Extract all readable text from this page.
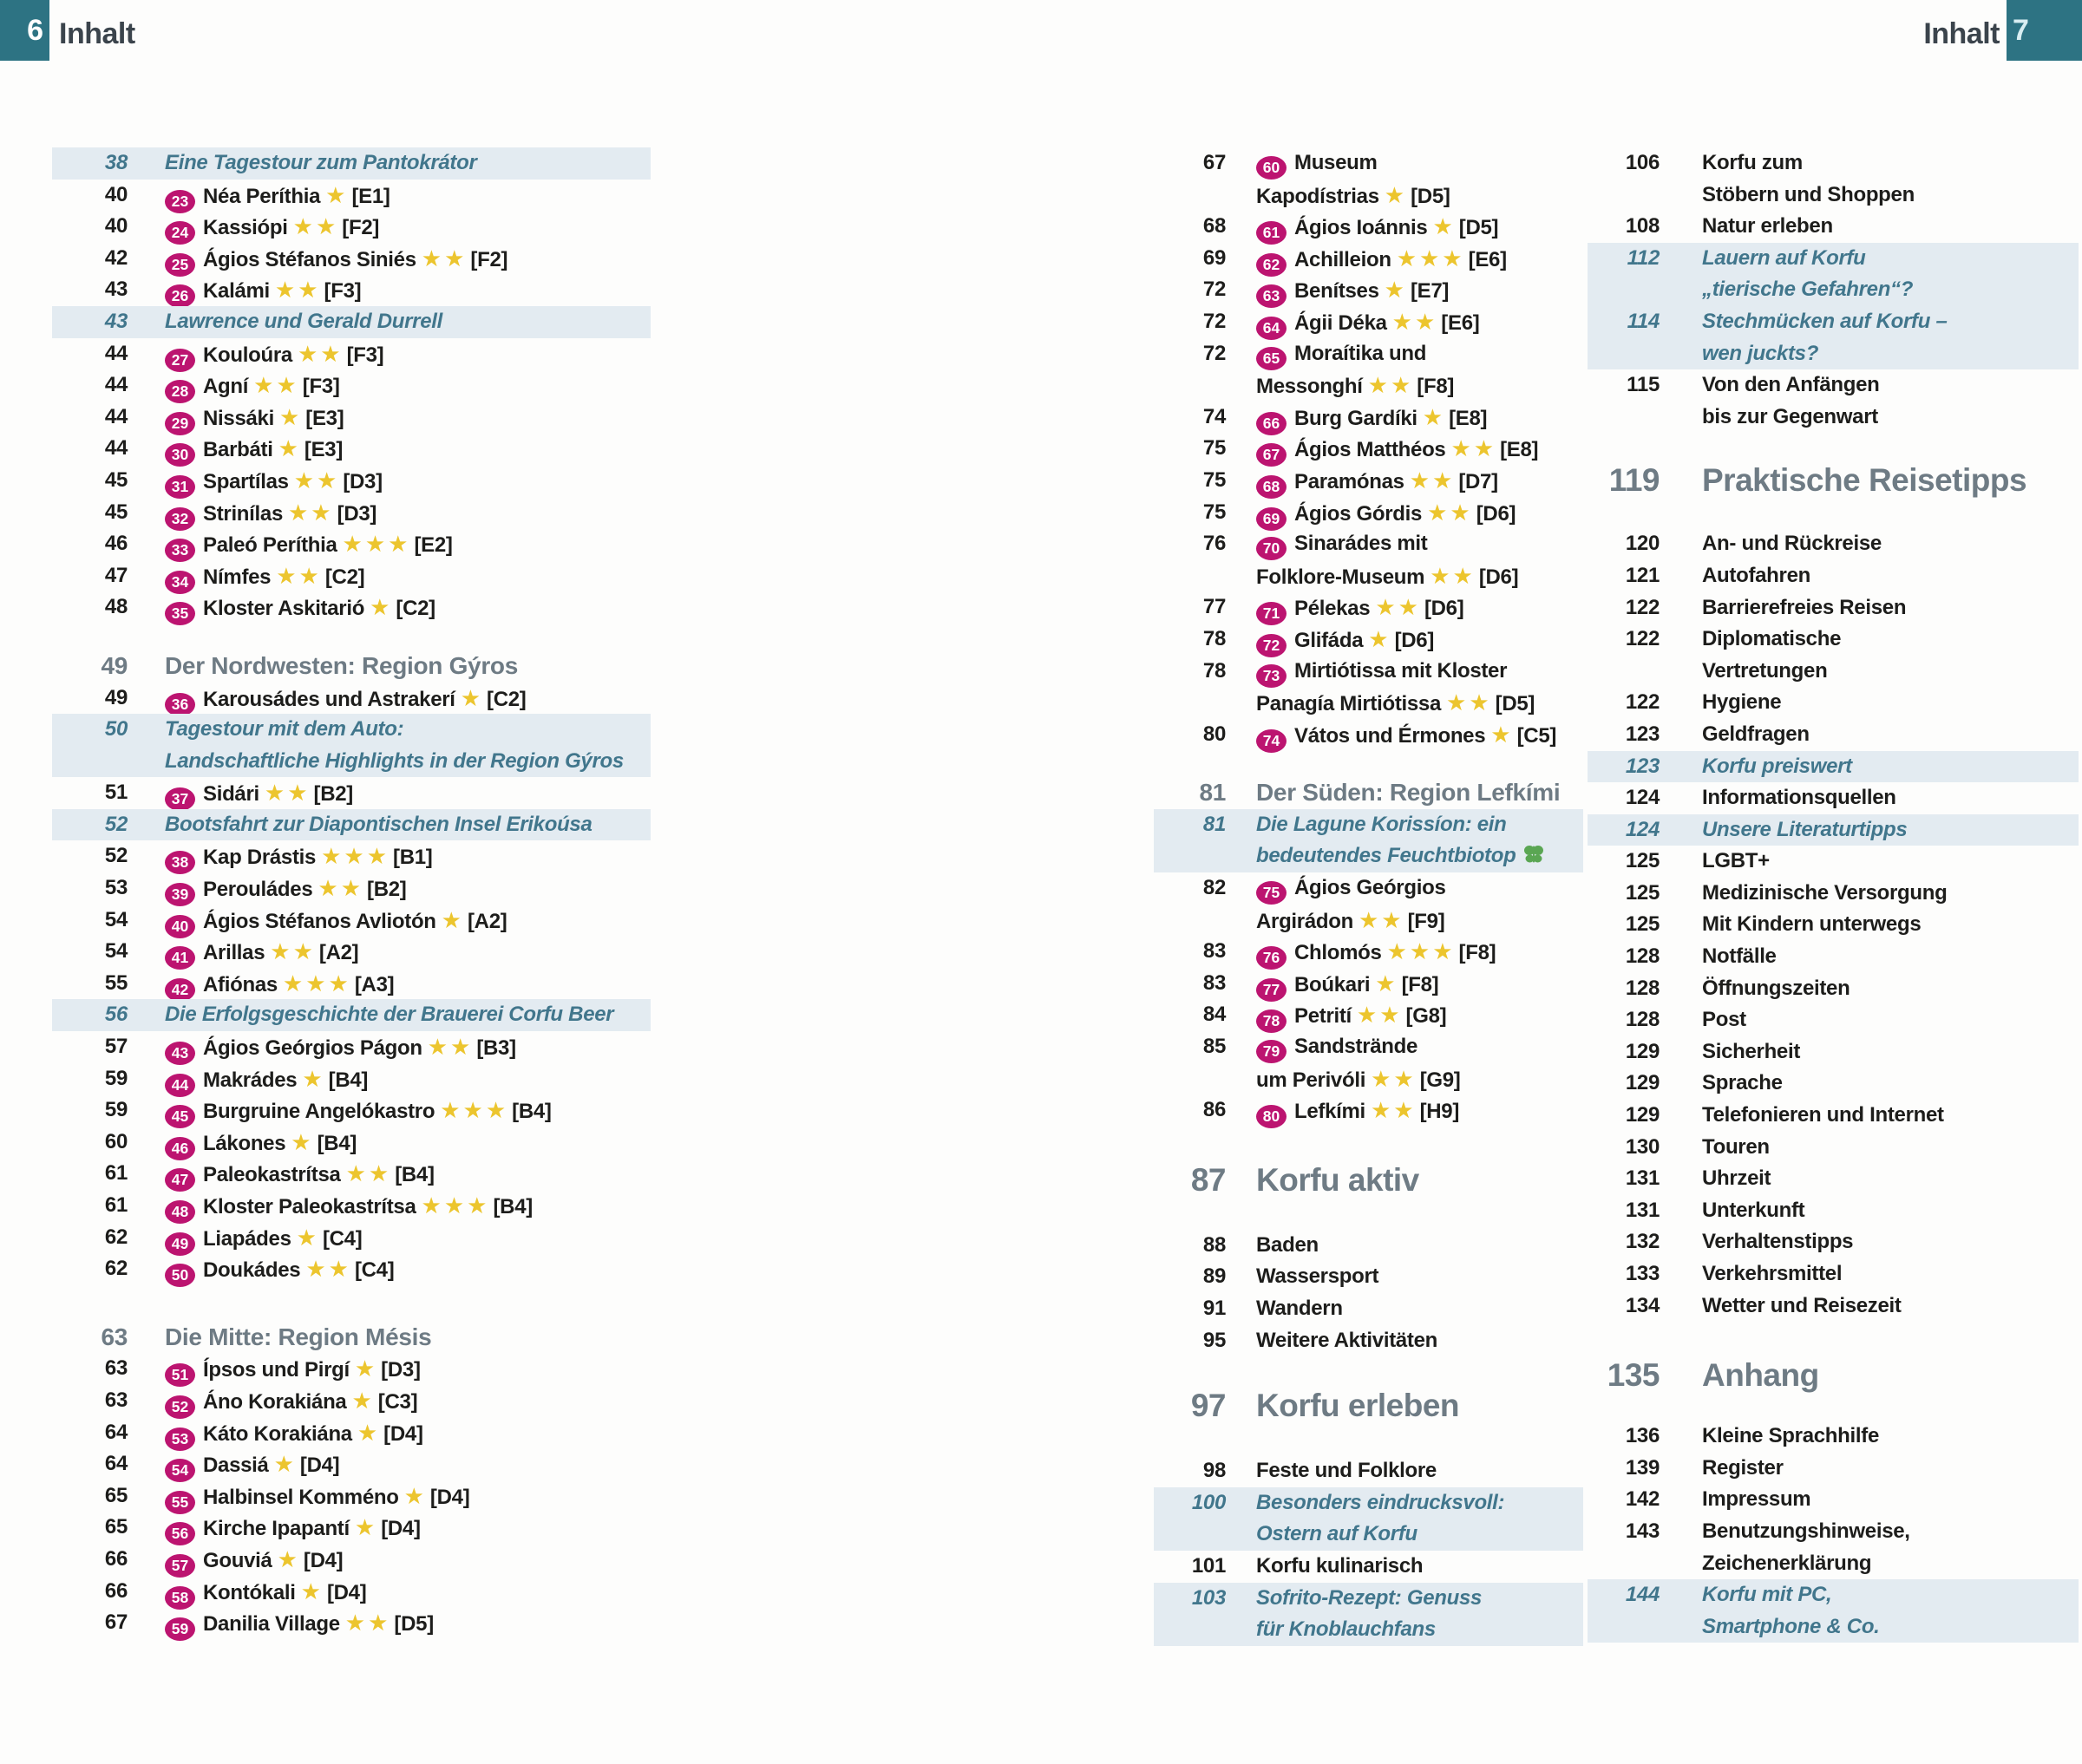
6 Inhalt	Inhalt 7
38 Eine Tagestour zum Pantokrátor
40	23 Néa Períthia ★ [E1]
40	24 Kassiópi ★★ [F2]
42	25 Ágios Stéfanos Siniés ★★ [F2]
43	26 Kalámi ★★ [F3]
43 Lawrence und Gerald Durrell
44	27 Kouloúra ★★ [F3]
44	28 Agní ★★ [F3]
44	29 Nissáki ★ [E3]
44	30 Barbáti ★ [E3]
45	31 Spartílas ★★ [D3]
45	32 Strinílas ★★ [D3]
46	33 Paleó Períthia ★★★ [E2]
47	34 Nímfes ★★ [C2]
48	35 Kloster Askitarió ★ [C2]
49 Der Nordwesten: Region Gýros
49	36 Karousádes und Astrakerí ★ [C2]
50 Tagestour mit dem Auto:
Landschaftliche Highlights in der Region Gýros
51	37 Sidári ★★ [B2]
52 Bootsfahrt zur Diapontischen Insel Erikoúsa
52	38 Kap Drástis ★★★ [B1]
53	39 Perouládes ★★ [B2]
54	40 Ágios Stéfanos Avliotón ★ [A2]
54	41 Arillas ★★ [A2]
55	42 Afiónas ★★★ [A3]
56 Die Erfolgsgeschichte der Brauerei Corfu Beer
57	43 Ágios Geórgios Págon ★★ [B3]
59	44 Makrádes ★ [B4]
59	45 Burgruine Angelókastro ★★★ [B4]
60	46 Lákones ★ [B4]
61	47 Paleokastrítsa ★★ [B4]
61	48 Kloster Paleokastrítsa ★★★ [B4]
62	49 Liapádes ★ [C4]
62	50 Doukádes ★★ [C4]
63 Die Mitte: Region Mésis
63	51 Ípsos und Pirgí ★ [D3]
63	52 Áno Korakiána ★ [C3]
64	53 Káto Korakiána ★ [D4]
64	54 Dassiá ★ [D4]
65	55 Halbinsel Komméno ★ [D4]
65	56 Kirche Ipapantí ★ [D4]
66	57 Gouviá ★ [D4]
66	58 Kontókali ★ [D4]
67	59 Danilia Village ★★ [D5]
67	60 Museum
Kapodístrias ★ [D5]
68	61 Ágios Ioánnis ★ [D5]
69	62 Achilleion ★★★ [E6]
72	63 Benítses ★ [E7]
72	64 Ágii Déka ★★ [E6]
72	65 Moraítika und
Messonghí ★★ [F8]
74	66 Burg Gardíki ★ [E8]
75	67 Ágios Matthéos ★★ [E8]
75	68 Paramónas ★★ [D7]
75	69 Ágios Górdis ★★ [D6]
76	70 Sinarádes mit
Folklore-Museum ★★ [D6]
77	71 Pélekas ★★ [D6]
78	72 Glifáda ★ [D6]
78	73 Mirtiótissa mit Kloster
Panagía Mirtiótissa ★★ [D5]
80	74 Vátos und Érmones ★ [C5]
81 Der Süden: Region Lefkími
81 Die Lagune Korissíon: ein
bedeutendes Feuchtbiotop
82	75 Ágios Geórgios
Argirádon ★★ [F9]
83	76 Chlomós ★★★ [F8]
83	77 Boúkari ★ [F8]
84	78 Petrití ★★ [G8]
85	79 Sandstrände
um Perivóli ★★ [G9]
86	80 Lefkími ★★ [H9]
87 Korfu aktiv
88 Baden
89 Wassersport
91 Wandern
95 Weitere Aktivitäten
97 Korfu erleben
98 Feste und Folklore
100 Besonders eindrucksvoll:
Ostern auf Korfu
101 Korfu kulinarisch
103 Sofrito-Rezept: Genuss
für Knoblauchfans
106 Korfu zum
Stöbern und Shoppen
108 Natur erleben
112 Lauern auf Korfu
„tierische Gefahren“?
114 Stechmücken auf Korfu –
wen juckts?
115 Von den Anfängen
bis zur Gegenwart
119 Praktische Reisetipps
120 An- und Rückreise
121 Autofahren
122 Barrierefreies Reisen
122 Diplomatische
Vertretungen
122 Hygiene
123 Geldfragen
123 Korfu preiswert
124 Informationsquellen
124 Unsere Literaturtipps
125 LGBT+
125 Medizinische Versorgung
125 Mit Kindern unterwegs
128 Notfälle
128 Öffnungszeiten
128 Post
129 Sicherheit
129 Sprache
129 Telefonieren und Internet
130 Touren
131 Uhrzeit
131 Unterkunft
132 Verhaltenstipps
133 Verkehrsmittel
134 Wetter und Reisezeit
135 Anhang
136 Kleine Sprachhilfe
139 Register
142 Impressum
143 Benutzungshinweise,
Zeichenerklärung
144 Korfu mit PC,
Smartphone & Co.
